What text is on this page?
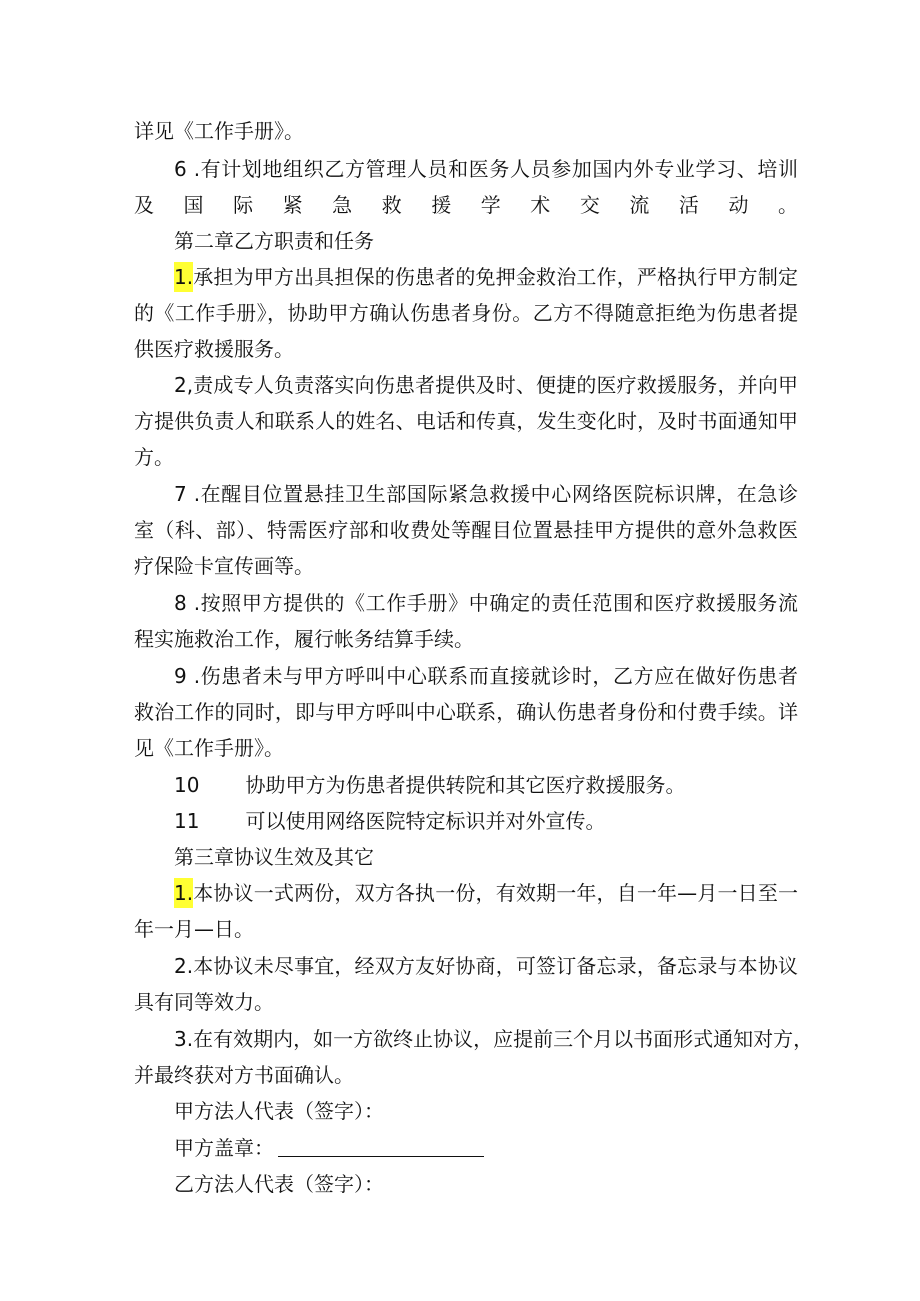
详见《工作手册》。
6 .有计划地组织乙方管理人员和医务人员参加国内外专业学习、培训
及国际紧急救援学术交流活动。
第二章乙方职责和任务
1.承担为甲方出具担保的伤患者的免押金救治工作，严格执行甲方制定
的《工作手册》，协助甲方确认伤患者身份。乙方不得随意拒绝为伤患者提
供医疗救援服务。
2,责成专人负责落实向伤患者提供及时、便捷的医疗救援服务，并向甲
方提供负责人和联系人的姓名、电话和传真，发生变化时，及时书面通知甲
方。
7 .在醒目位置悬挂卫生部国际紧急救援中心网络医院标识牌，在急诊
室（科、部）、特需医疗部和收费处等醒目位置悬挂甲方提供的意外急救医
疗保险卡宣传画等。
8 .按照甲方提供的《工作手册》中确定的责任范围和医疗救援服务流
程实施救治工作，履行帐务结算手续。
9 .伤患者未与甲方呼叫中心联系而直接就诊时，乙方应在做好伤患者
救治工作的同时，即与甲方呼叫中心联系，确认伤患者身份和付费手续。详
见《工作手册》。
10 协助甲方为伤患者提供转院和其它医疗救援服务。
11 可以使用网络医院特定标识并对外宣传。
第三章协议生效及其它
1.本协议一式两份，双方各执一份，有效期一年，自一年—月一日至一
年一月—日。
2.本协议未尽事宜，经双方友好协商，可签订备忘录，备忘录与本协议
具有同等效力。
3.在有效期内，如一方欲终止协议，应提前三个月以书面形式通知对方，
并最终获对方书面确认。
甲方法人代表（签字）：
甲方盖章：
乙方法人代表（签字）：
